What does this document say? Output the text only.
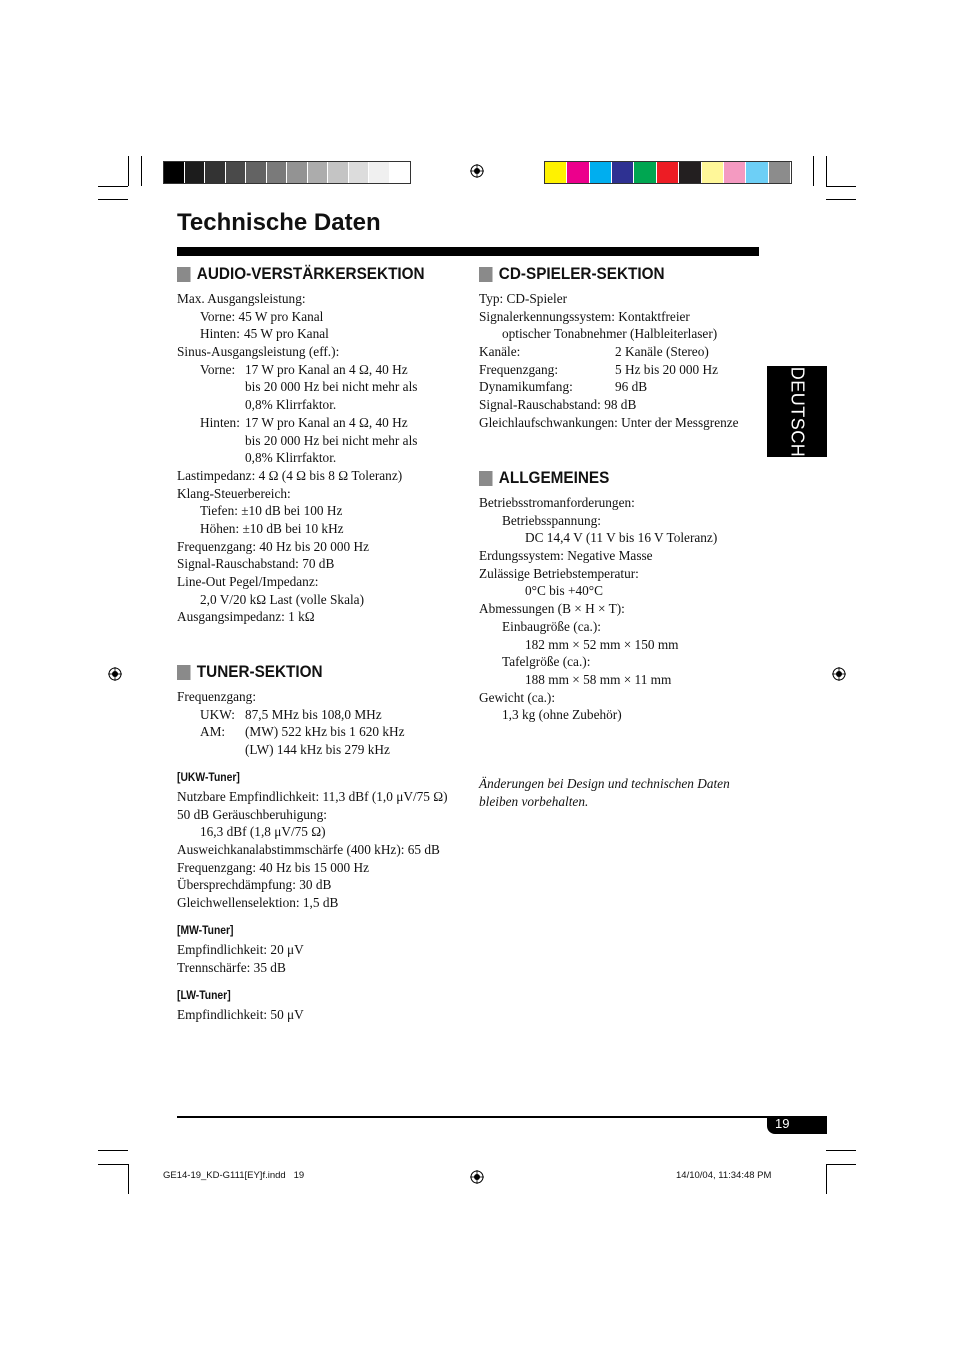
Technische Daten
DEUTSCH
AUDIO-VERSTÄRKERSEKTION
Max. Ausgangsleistung:
Vorne: 45 W pro Kanal
Hinten: 45 W pro Kanal
Sinus-Ausgangsleistung (eff.):
Vorne: 17 W pro Kanal an 4 Ω, 40 Hz
bis 20 000 Hz bei nicht mehr als
0,8% Klirrfaktor.
Hinten: 17 W pro Kanal an 4 Ω, 40 Hz
bis 20 000 Hz bei nicht mehr als
0,8% Klirrfaktor.
Lastimpedanz: 4 Ω (4 Ω bis 8 Ω Toleranz)
Klang-Steuerbereich:
Tiefen: ±10 dB bei 100 Hz
Höhen: ±10 dB bei 10 kHz
Frequenzgang: 40 Hz bis 20 000 Hz
Signal-Rauschabstand: 70 dB
Line-Out Pegel/Impedanz:
2,0 V/20 kΩ Last (volle Skala)
Ausgangsimpedanz: 1 kΩ
TUNER-SEKTION
Frequenzgang:
UKW: 87,5 MHz bis 108,0 MHz
AM:	(MW) 522 kHz bis 1 620 kHz
(LW) 144 kHz bis 279 kHz
[UKW-Tuner]
Nutzbare Empfindlichkeit: 11,3 dBf (1,0 μV/75 Ω)
50 dB Geräuschberuhigung:
16,3 dBf (1,8 μV/75 Ω)
Ausweichkanalabstimmschärfe (400 kHz): 65 dB
Frequenzgang: 40 Hz bis 15 000 Hz
Übersprechdämpfung: 30 dB
Gleichwellenselektion: 1,5 dB
[MW-Tuner]
Empfindlichkeit: 20 μV
Trennschärfe: 35 dB
[LW-Tuner]
Empfindlichkeit: 50 μV
CD-SPIELER-SEKTION
Typ: CD-Spieler
Signalerkennungssystem: Kontaktfreier
optischer Tonabnehmer (Halbleiterlaser)
Kanäle:	2 Kanäle (Stereo)
Frequenzgang:	5 Hz bis 20 000 Hz
Dynamikumfang:	96 dB
Signal-Rauschabstand: 98 dB
Gleichlaufschwankungen: Unter der Messgrenze
ALLGEMEINES
Betriebsstromanforderungen:
Betriebsspannung:
DC 14,4 V (11 V bis 16 V Toleranz)
Erdungssystem: Negative Masse
Zulässige Betriebstemperatur:
0°C bis +40°C
Abmessungen (B × H × T):
Einbaugröße (ca.):
182 mm × 52 mm × 150 mm
Tafelgröße (ca.):
188 mm × 58 mm × 11 mm
Gewicht (ca.):
1,3 kg (ohne Zubehör)
Änderungen bei Design und technischen Daten
bleiben vorbehalten.
19
GE14-19_KD-G111[EY]f.indd   19	14/10/04, 11:34:48 PM
